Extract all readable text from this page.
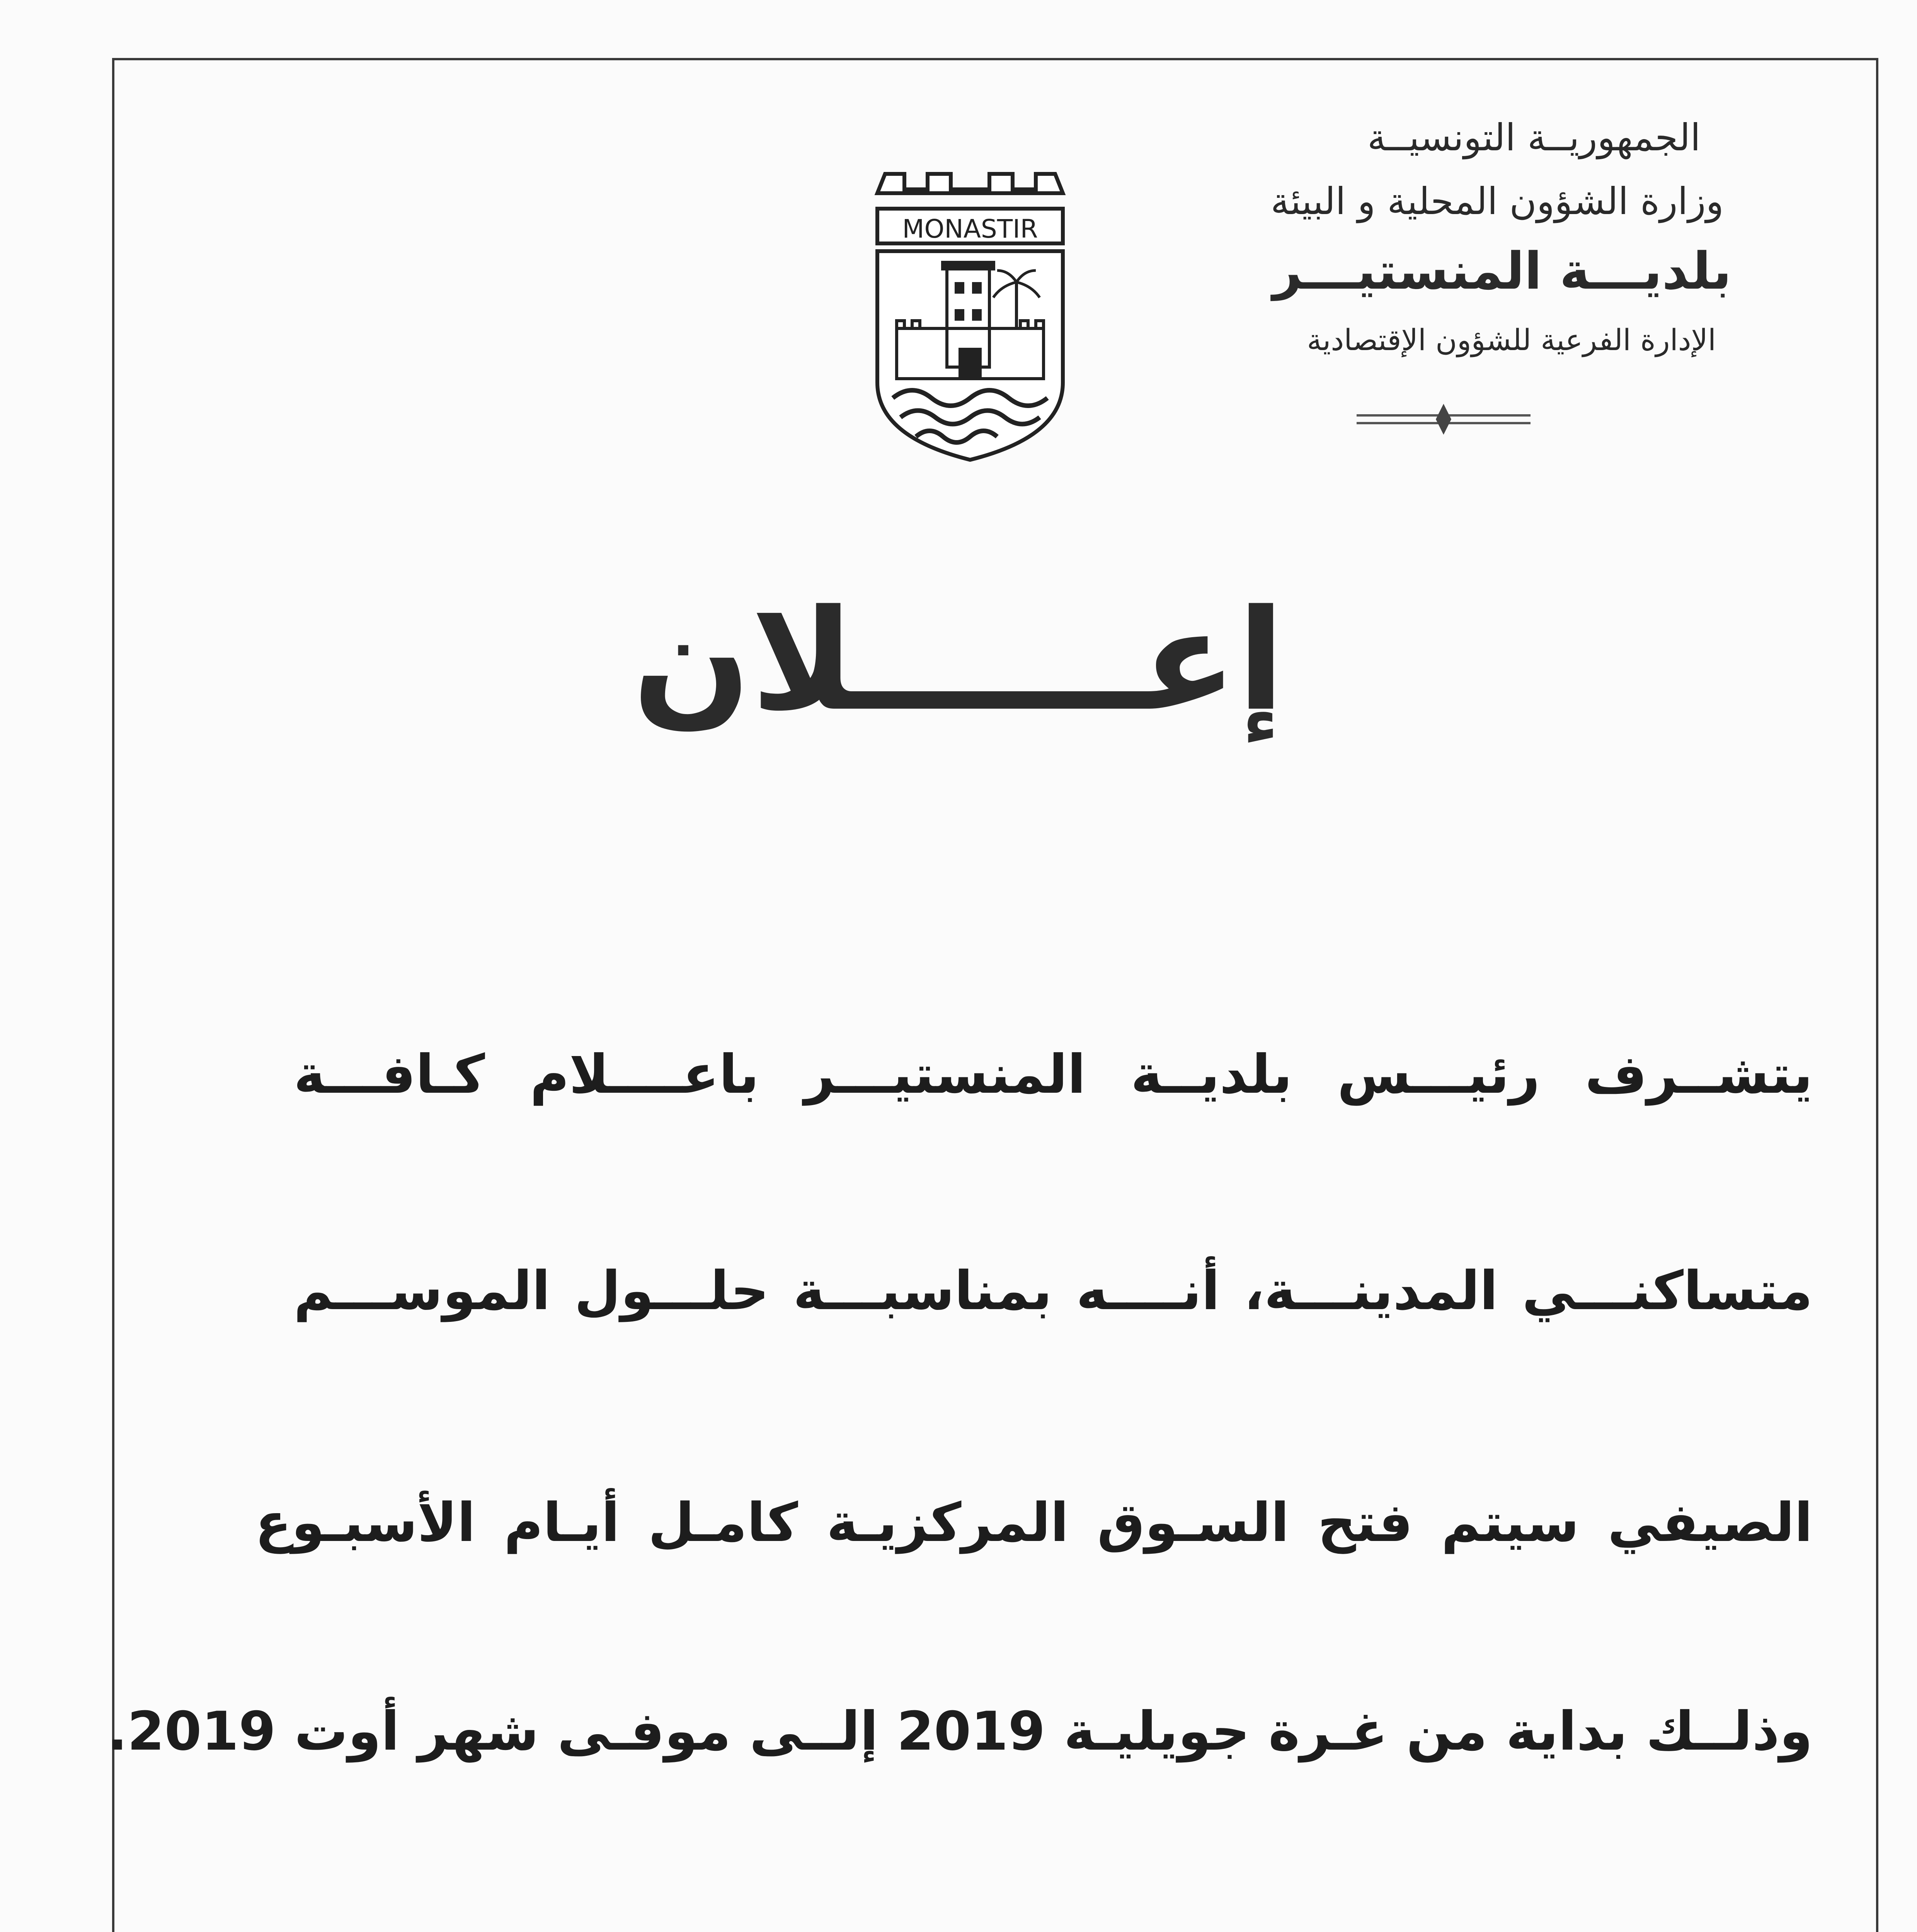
الجمهوريــة التونسيــة
وزارة الشؤون المحلية و البيئة
بلديـــة المنستيـــر
الإدارة الفرعية للشؤون الإقتصادية
MONASTIR
إعــــــلان
يتشــرف رئيـــس بلديــة المنستيـــر باعــــلام كـافـــة
متساكنـــي المدينـــة، أنــــه بمناسبـــة حلـــول الموســـم
الصيفي سيتم فتح السـوق المركزيـة كامـل أيـام الأسبـوع
وذلــك بداية من غـرة جويليـة 2019 إلــى موفـى شهر أوت 2019.
